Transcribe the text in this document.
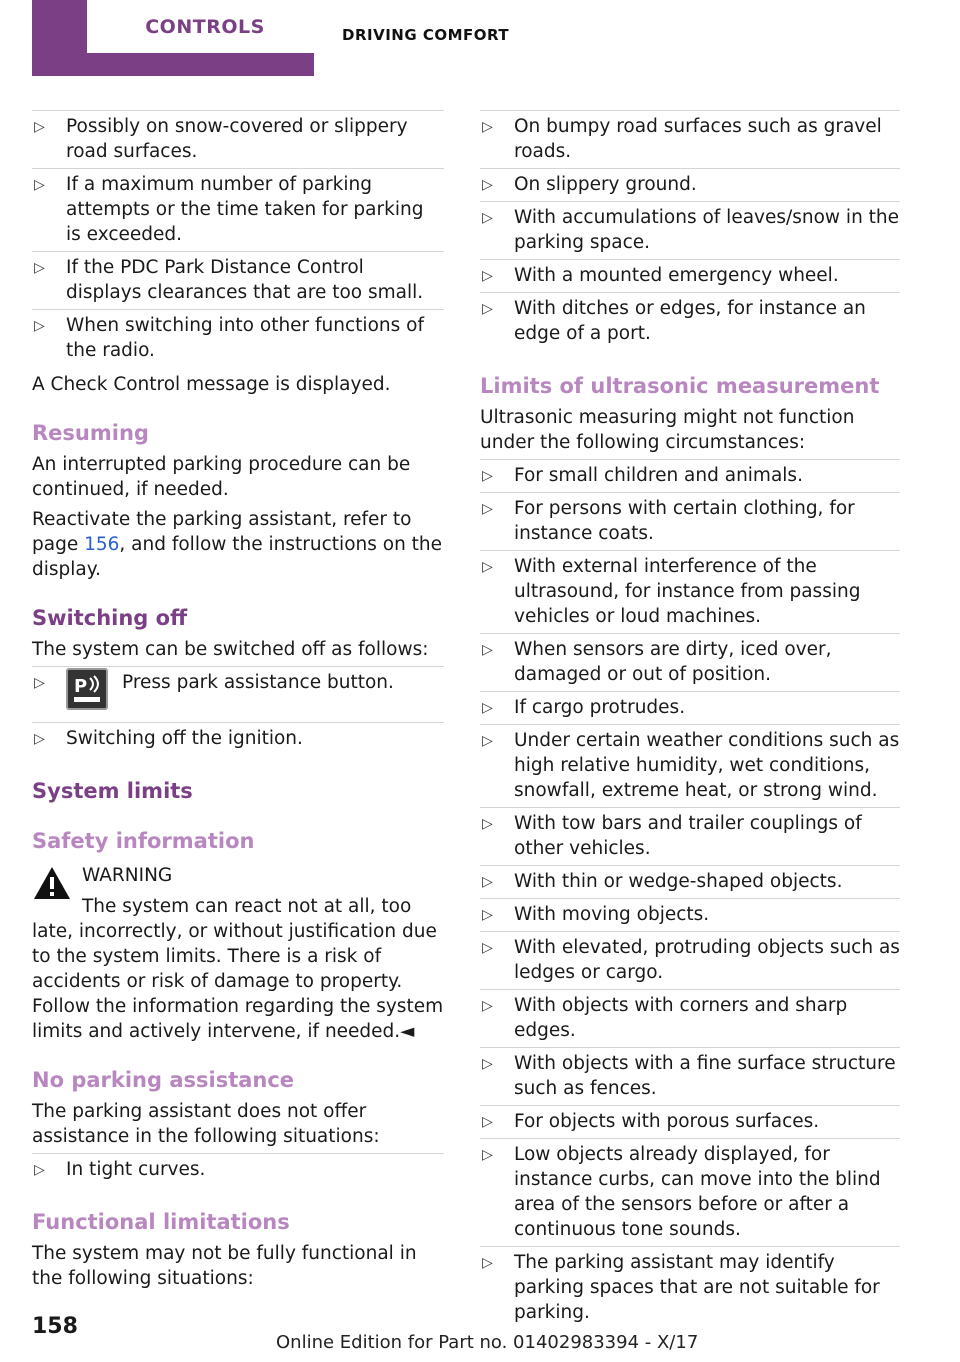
CONTROLS	DRIVING COMFORT
▷ Possibly on snow-covered or slippery road surfaces.
▷ If a maximum number of parking attempts or the time taken for parking is exceeded.
▷ If the PDC Park Distance Control displays clearances that are too small.
▷ When switching into other functions of the radio.

A Check Control message is displayed.

Resuming

An interrupted parking procedure can be continued, if needed.

Reactivate the parking assistant, refer to page 156, and follow the instructions on the display.

Switching off

The system can be switched off as follows:

▷ P Press park assistance button.
▷ Switching off the ignition.
System limits
Safety information
WARNING
The system can react not at all, too late, incorrectly, or without justification due to the system limits. There is a risk of accidents or risk of damage to property. Follow the information regarding the system limits and actively intervene, if needed.◄
No parking assistance

The parking assistant does not offer assistance in the following situations:

▷ In tight curves.
Functional limitations

The system may not be fully functional in the following situations:

▷ On bumpy road surfaces such as gravel roads.
▷ On slippery ground.
▷ With accumulations of leaves/snow in the parking space.
▷ With a mounted emergency wheel.
▷ With ditches or edges, for instance an edge of a port.
Limits of ultrasonic measurement

Ultrasonic measuring might not function under the following circumstances:

▷ For small children and animals.
▷ For persons with certain clothing, for instance coats.
▷ With external interference of the ultrasound, for instance from passing vehicles or loud machines.
▷ When sensors are dirty, iced over, damaged or out of position.
▷ If cargo protrudes.
▷ Under certain weather conditions such as high relative humidity, wet conditions, snowfall, extreme heat, or strong wind.
▷ With tow bars and trailer couplings of other vehicles.
▷ With thin or wedge-shaped objects.
▷ With moving objects.
▷ With elevated, protruding objects such as ledges or cargo.
▷ With objects with corners and sharp edges.
▷ With objects with a fine surface structure such as fences.
▷ For objects with porous surfaces.
▷ Low objects already displayed, for instance curbs, can move into the blind area of the sensors before or after a continuous tone sounds.
▷ The parking assistant may identify parking spaces that are not suitable for parking.
158
Online Edition for Part no. 01402983394 - X/17
